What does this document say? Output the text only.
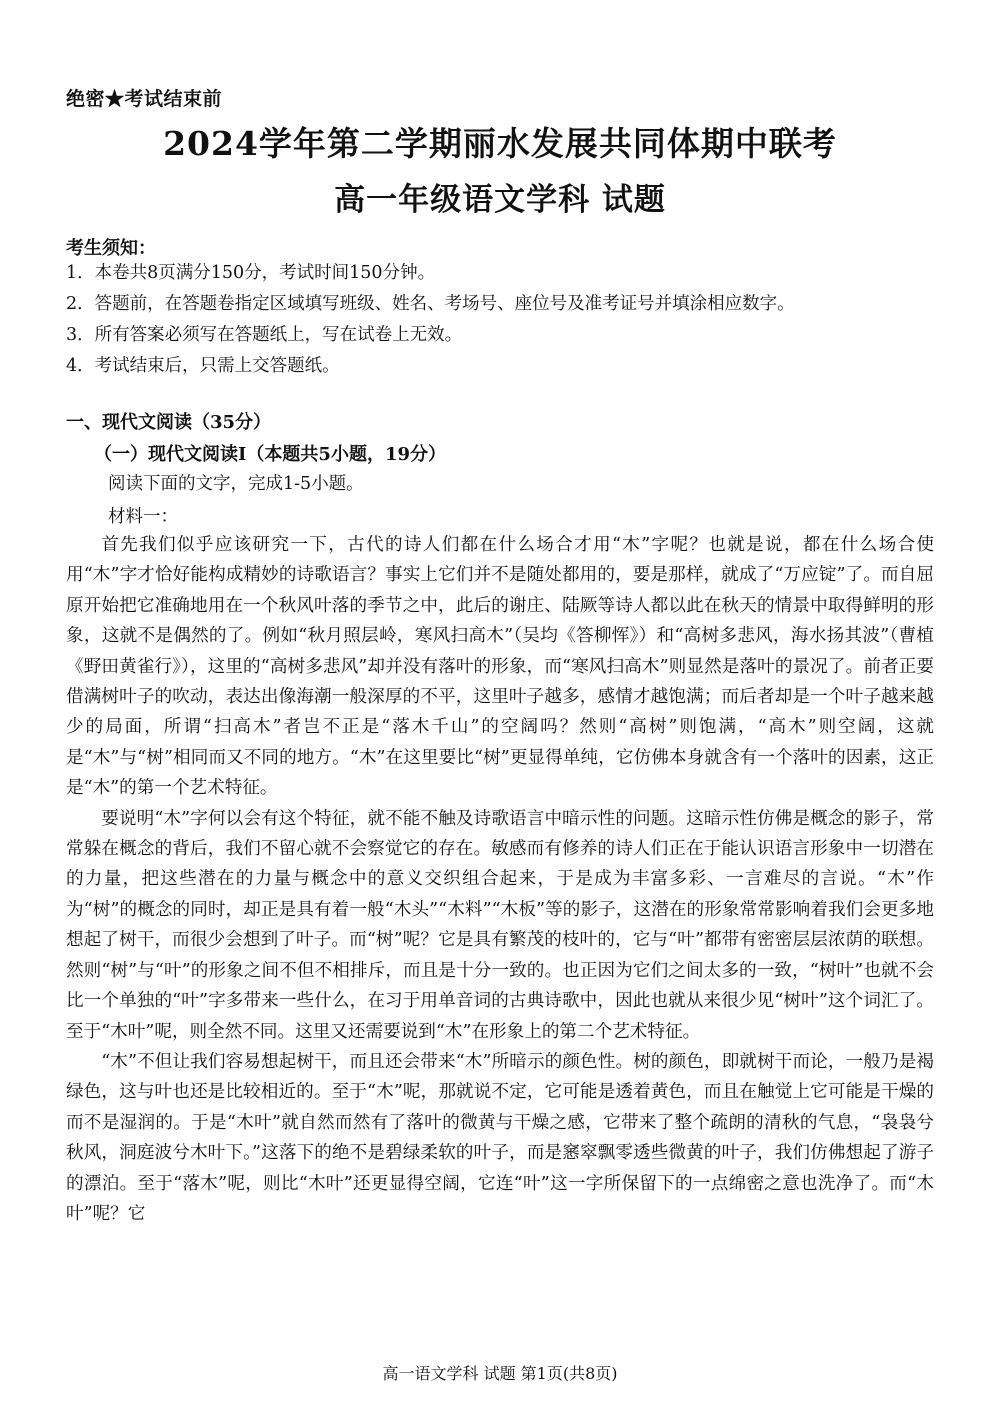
绝密★考试结束前
2024学年第二学期丽水发展共同体期中联考
高一年级语文学科 试题
考生须知：
1．本卷共8页满分150分，考试时间150分钟。
2．答题前，在答题卷指定区域填写班级、姓名、考场号、座位号及准考证号并填涂相应数字。
3．所有答案必须写在答题纸上，写在试卷上无效。
4．考试结束后，只需上交答题纸。
一、现代文阅读（35分）
（一）现代文阅读I（本题共5小题，19分）
阅读下面的文字，完成1-5小题。
材料一：

首先我们似乎应该研究一下，古代的诗人们都在什么场合才用“木”字呢？也就是说，都在什么场合使用“木”字才恰好能构成精妙的诗歌语言？事实上它们并不是随处都用的，要是那样，就成了“万应锭”了。而自屈原开始把它准确地用在一个秋风叶落的季节之中，此后的谢庄、陆厥等诗人都以此在秋天的情景中取得鲜明的形象，这就不是偶然的了。例如“秋月照层岭，寒风扫高木”（吴均《答柳恽》）和“高树多悲风，海水扬其波”（曹植《野田黄雀行》），这里的“高树多悲风”却并没有落叶的形象，而“寒风扫高木”则显然是落叶的景况了。前者正要借满树叶子的吹动，表达出像海潮一般深厚的不平，这里叶子越多，感情才越饱满；而后者却是一个叶子越来越少的局面，所谓“扫高木”者岂不正是“落木千山”的空阔吗？然则“高树”则饱满，“高木”则空阔，这就是“木”与“树”相同而又不同的地方。“木”在这里要比“树”更显得单纯，它仿佛本身就含有一个落叶的因素，这正是“木”的第一个艺术特征。

要说明“木”字何以会有这个特征，就不能不触及诗歌语言中暗示性的问题。这暗示性仿佛是概念的影子，常常躲在概念的背后，我们不留心就不会察觉它的存在。敏感而有修养的诗人们正在于能认识语言形象中一切潜在的力量，把这些潜在的力量与概念中的意义交织组合起来，于是成为丰富多彩、一言难尽的言说。“木”作为“树”的概念的同时，却正是具有着一般“木头”“木料”“木板”等的影子，这潜在的形象常常影响着我们会更多地想起了树干，而很少会想到了叶子。而“树”呢？它是具有繁茂的枝叶的，它与“叶”都带有密密层层浓荫的联想。然则“树”与“叶”的形象之间不但不相排斥，而且是十分一致的。也正因为它们之间太多的一致，“树叶”也就不会比一个单独的“叶”字多带来一些什么，在习于用单音词的古典诗歌中，因此也就从来很少见“树叶”这个词汇了。至于“木叶”呢，则全然不同。这里又还需要说到“木”在形象上的第二个艺术特征。

“木”不但让我们容易想起树干，而且还会带来“木”所暗示的颜色性。树的颜色，即就树干而论，一般乃是褐绿色，这与叶也还是比较相近的。至于“木”呢，那就说不定，它可能是透着黄色，而且在触觉上它可能是干燥的而不是湿润的。于是“木叶”就自然而然有了落叶的微黄与干燥之感，它带来了整个疏朗的清秋的气息，“袅袅兮秋风，洞庭波兮木叶下。”这落下的绝不是碧绿柔软的叶子，而是窸窣飘零透些微黄的叶子，我们仿佛想起了游子的漂泊。至于“落木”呢，则比“木叶”还更显得空阔，它连“叶”这一字所保留下的一点绵密之意也洗净了。而“木叶”呢？它

高一语文学科 试题 第1页(共8页)
